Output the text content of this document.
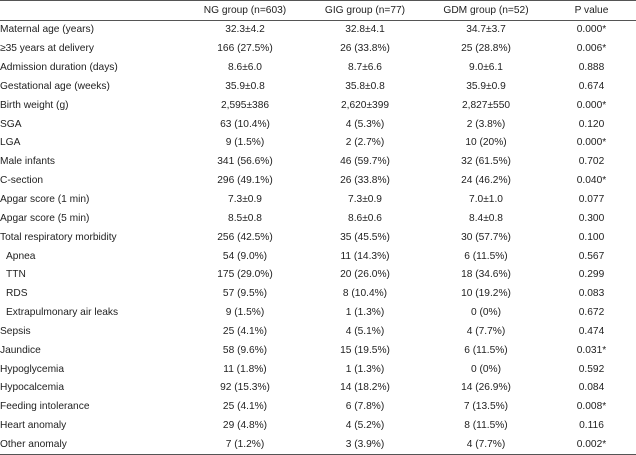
	NG group (n=603)	GIG group (n=77)	GDM group (n=52)	P value
Maternal age (years)	32.3±4.2	32.8±4.1	34.7±3.7	0.000*
≥35 years at delivery	166 (27.5%)	26 (33.8%)	25 (28.8%)	0.006*
Admission duration (days)	8.6±6.0	8.7±6.6	9.0±6.1	0.888
Gestational age (weeks)	35.9±0.8	35.8±0.8	35.9±0.9	0.674
Birth weight (g)	2,595±386	2,620±399	2,827±550	0.000*
SGA	63 (10.4%)	4 (5.3%)	2 (3.8%)	0.120
LGA	9 (1.5%)	2 (2.7%)	10 (20%)	0.000*
Male infants	341 (56.6%)	46 (59.7%)	32 (61.5%)	0.702
C-section	296 (49.1%)	26 (33.8%)	24 (46.2%)	0.040*
Apgar score (1 min)	7.3±0.9	7.3±0.9	7.0±1.0	0.077
Apgar score (5 min)	8.5±0.8	8.6±0.6	8.4±0.8	0.300
Total respiratory morbidity	256 (42.5%)	35 (45.5%)	30 (57.7%)	0.100
Apnea	54 (9.0%)	11 (14.3%)	6 (11.5%)	0.567
TTN	175 (29.0%)	20 (26.0%)	18 (34.6%)	0.299
RDS	57 (9.5%)	8 (10.4%)	10 (19.2%)	0.083
Extrapulmonary air leaks	9 (1.5%)	1 (1.3%)	0 (0%)	0.672
Sepsis	25 (4.1%)	4 (5.1%)	4 (7.7%)	0.474
Jaundice	58 (9.6%)	15 (19.5%)	6 (11.5%)	0.031*
Hypoglycemia	11 (1.8%)	1 (1.3%)	0 (0%)	0.592
Hypocalcemia	92 (15.3%)	14 (18.2%)	14 (26.9%)	0.084
Feeding intolerance	25 (4.1%)	6 (7.8%)	7 (13.5%)	0.008*
Heart anomaly	29 (4.8%)	4 (5.2%)	8 (11.5%)	0.116
Other anomaly	7 (1.2%)	3 (3.9%)	4 (7.7%)	0.002*
